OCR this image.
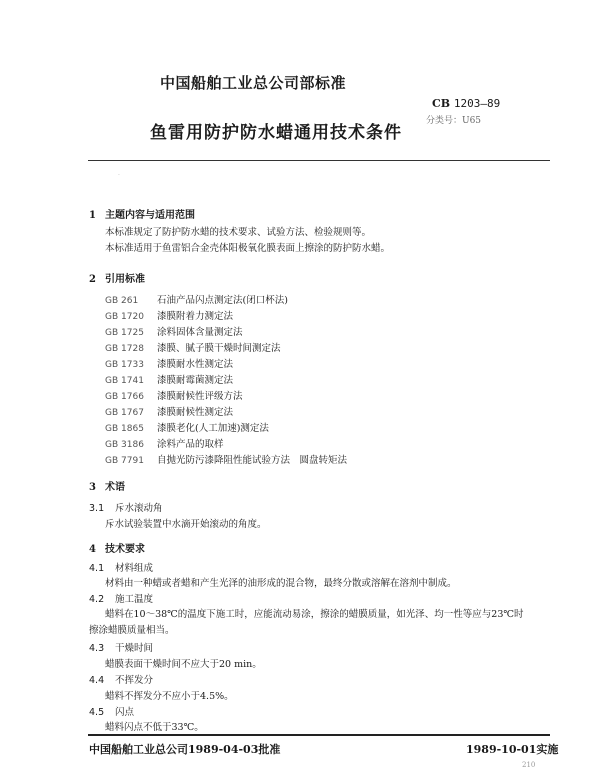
中国船舶工业总公司部标准
CB 1203—89
鱼雷用防护防水蜡通用技术条件
分类号：U65
·
1 主题内容与适用范围
本标准规定了防护防水蜡的技术要求、试验方法、检验规则等。
本标准适用于鱼雷铝合金壳体阳极氧化膜表面上擦涂的防护防水蜡。
2 引用标准
GB 261 石油产品闪点测定法(闭口杯法)
GB 1720 漆膜附着力测定法
GB 1725 涂料固体含量测定法
GB 1728 漆膜、腻子膜干燥时间测定法
GB 1733 漆膜耐水性测定法
GB 1741 漆膜耐霉菌测定法
GB 1766 漆膜耐候性评级方法
GB 1767 漆膜耐候性测定法
GB 1865 漆膜老化(人工加速)测定法
GB 3186 涂料产品的取样
GB 7791 自抛光防污漆降阻性能试验方法　圆盘转矩法
3 术语
3.1 斥水滚动角
斥水试验装置中水滴开始滚动的角度。
4 技术要求
4.1 材料组成
材料由一种蜡或者蜡和产生光泽的油形成的混合物，最终分散或溶解在溶剂中制成。
4.2 施工温度
蜡料在10～38℃的温度下施工时，应能流动易涂，擦涂的蜡膜质量，如光泽、均一性等应与23℃时
擦涂蜡膜质量相当。
4.3 干燥时间
蜡膜表面干燥时间不应大于20 min。
4.4 不挥发分
蜡料不挥发分不应小于4.5%。
4.5 闪点
蜡料闪点不低于33℃。
中国船舶工业总公司1989-04-03批准	1989-10-01实施
210
